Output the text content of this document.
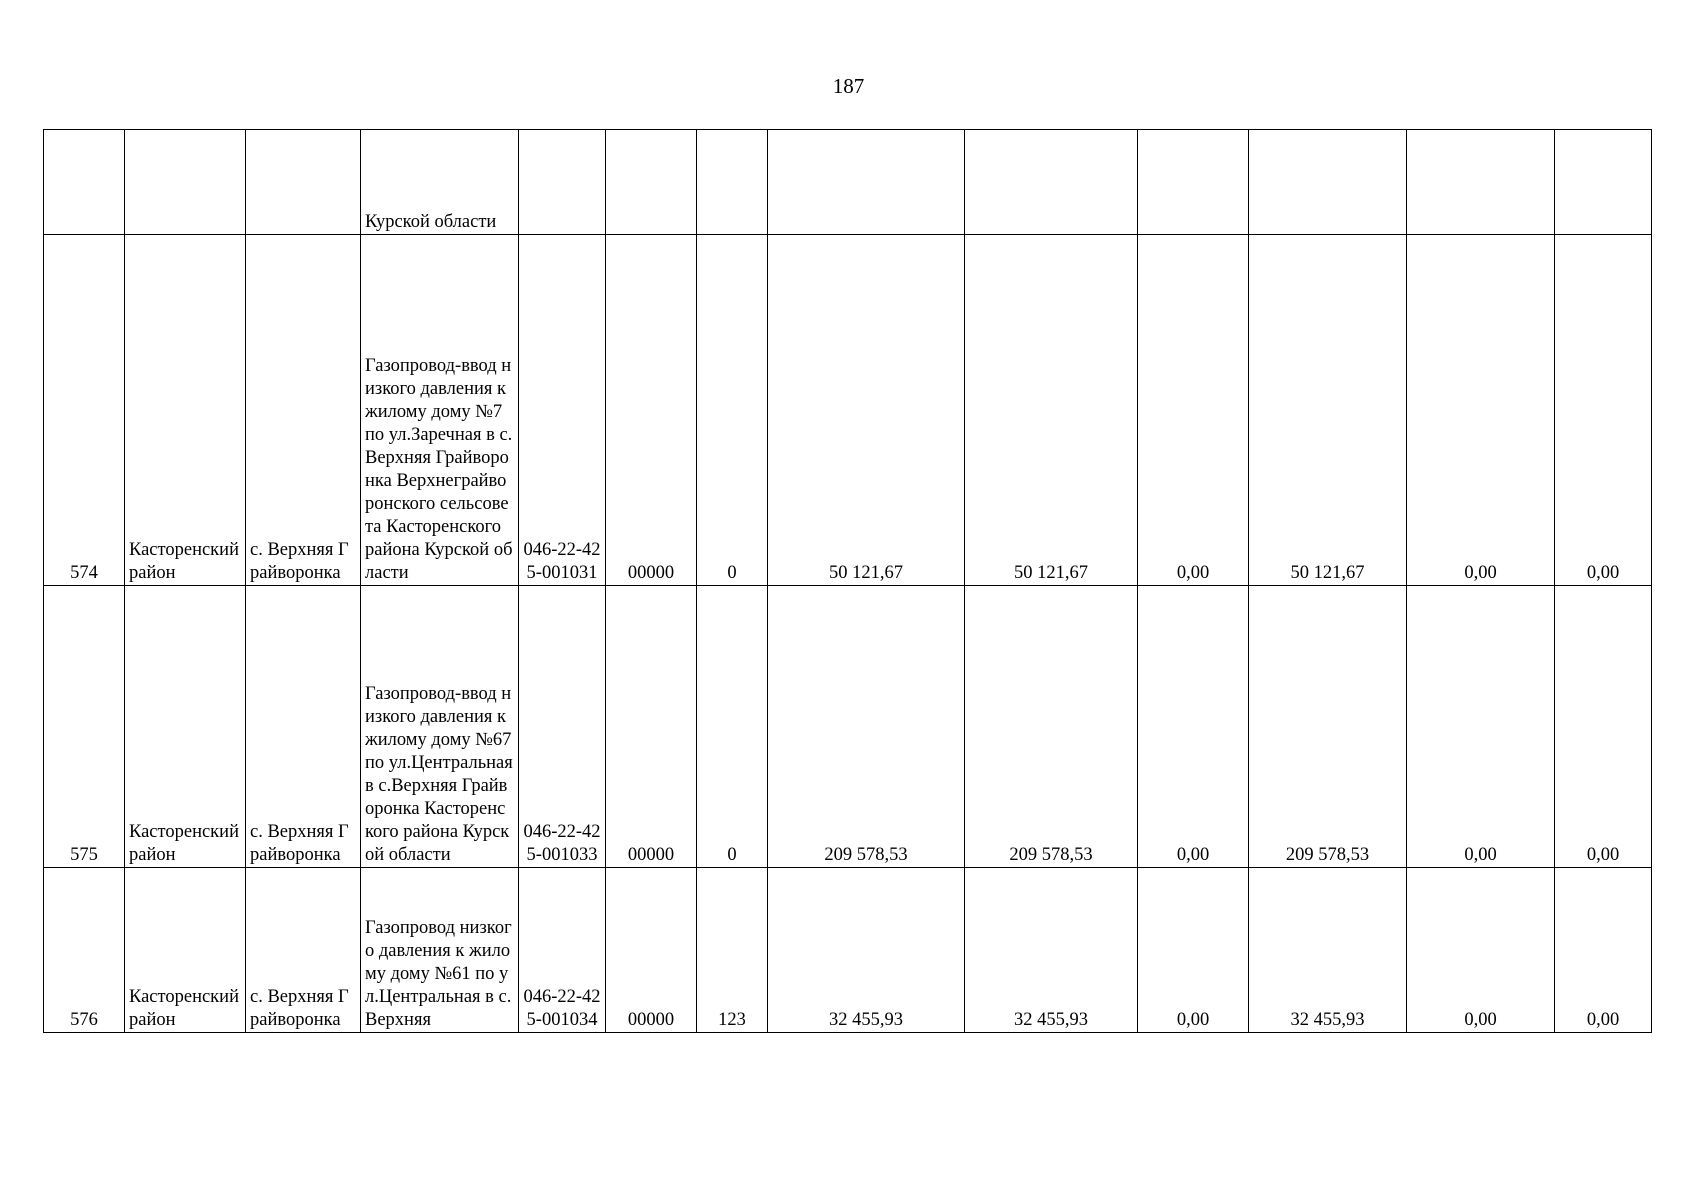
187
			Курской области									
574	Касторенский район	с. Верхняя Грайворонка	Газопровод-ввод низкого давления к жилому дому №7 по ул.Заречная в с.Верхняя Грайворонка Верхнеграйворонского сельсовета Касторенского района Курской области	046-22-425-001031	00000	0	50 121,67	50 121,67	0,00	50 121,67	0,00	0,00
575	Касторенский район	с. Верхняя Грайворонка	Газопровод-ввод низкого давления к жилому дому №67 по ул.Центральная в с.Верхняя Грайворонка Касторенского района Курской области	046-22-425-001033	00000	0	209 578,53	209 578,53	0,00	209 578,53	0,00	0,00
576	Касторенский район	с. Верхняя Грайворонка	Газопровод низкого давления к жилому дому №61 по ул.Центральная в с.Верхняя	046-22-425-001034	00000	123	32 455,93	32 455,93	0,00	32 455,93	0,00	0,00
